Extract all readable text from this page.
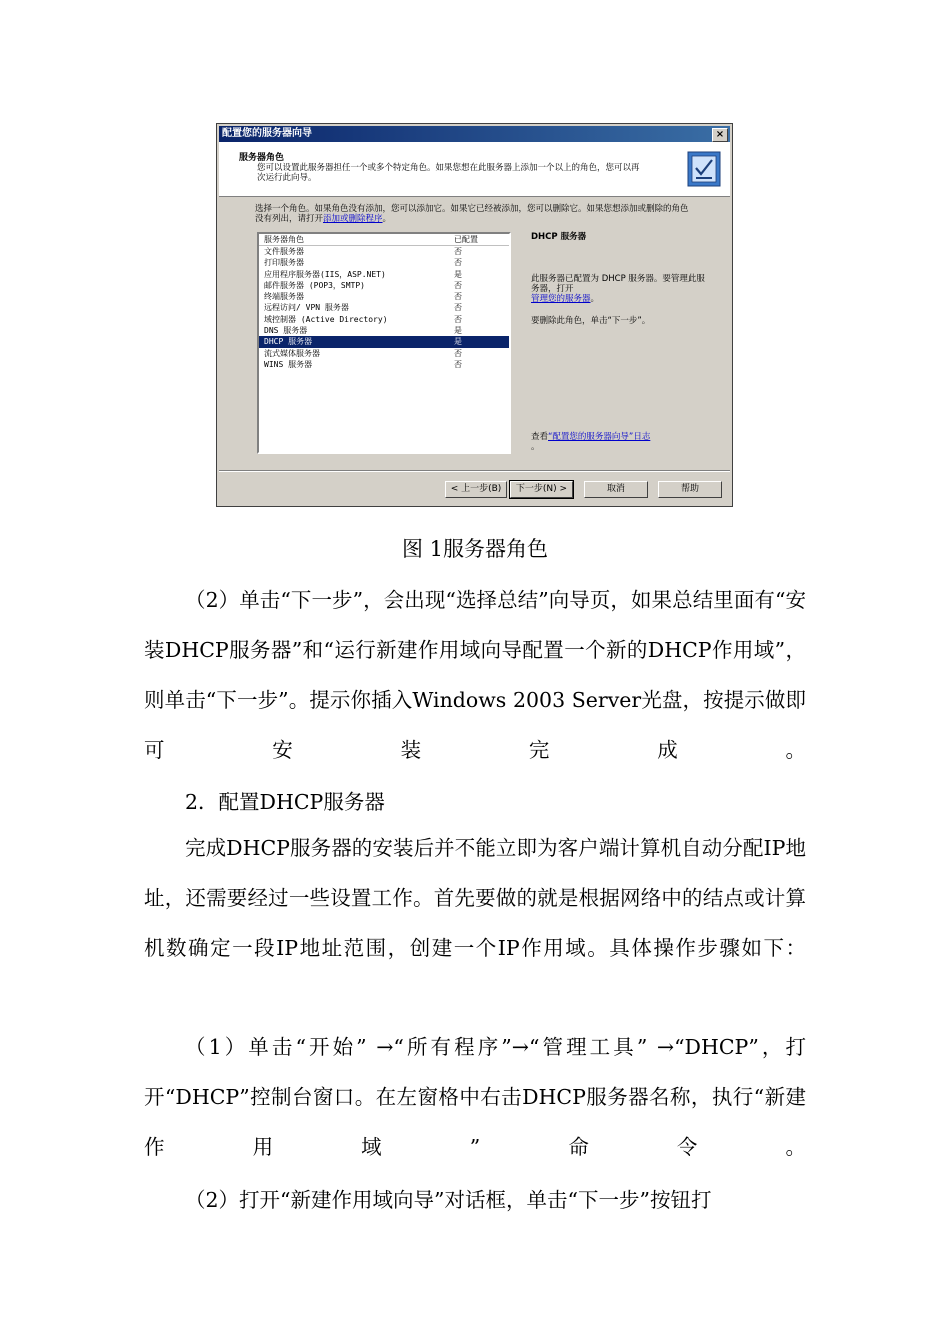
配置您的服务器向导	×
服务器角色
您可以设置此服务器担任一个或多个特定角色。如果您想在此服务器上添加一个以上的角色，您可以再次运行此向导。
选择一个角色。如果角色没有添加，您可以添加它。如果它已经被添加，您可以删除它。如果您想添加或删除的角色没有列出，请打开添加或删除程序。
服务器角色	已配置
文件服务器	否
打印服务器	否
应用程序服务器(IIS，ASP.NET)	是
邮件服务器 (POP3，SMTP)	否
终端服务器	否
远程访问/ VPN 服务器	否
域控制器 (Active Directory)	否
DNS 服务器	是
DHCP 服务器	是
流式媒体服务器	否
WINS 服务器	否
DHCP 服务器
此服务器已配置为 DHCP 服务器。要管理此服务器，打开
管理您的服务器。
要删除此角色，单击“下一步”。
查看“配置您的服务器向导”日志
。
< 上一步(B)	下一步(N) >	取消	帮助
图 1服务器角色
（2）单击“下一步”，会出现“选择总结”向导页，如果总结里面有“安装DHCP服务器”和“运行新建作用域向导配置一个新的DHCP作用域”，则单击“下一步”。提示你插入Windows 2003 Server光盘，按提示做即可安装完成。
2．配置DHCP服务器
完成DHCP服务器的安装后并不能立即为客户端计算机自动分配IP地址，还需要经过一些设置工作。首先要做的就是根据网络中的结点或计算机数确定一段IP地址范围，创建一个IP作用域。具体操作步骤如下：
（1）单击“开始” →“所有程序”→“管理工具” →“DHCP”，打开“DHCP”控制台窗口。在左窗格中右击DHCP服务器名称，执行“新建作用域”命令。
（2）打开“新建作用域向导”对话框，单击“下一步”按钮打
